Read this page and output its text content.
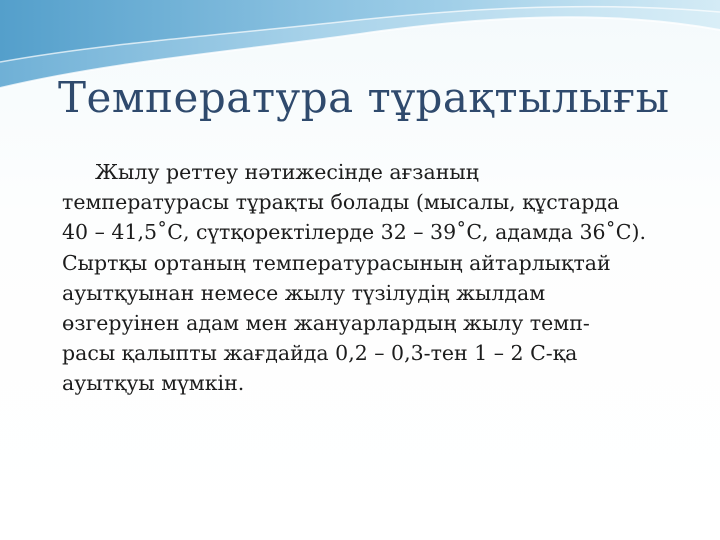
Температура тұрақтылығы

Жылу реттеу нәтижесінде ағзаның
температурасы тұрақты болады (мысалы, құстарда
40 – 41,5˚С, сүтқоректілерде 32 – 39˚С, адамда 36˚С).
Сыртқы ортаның температурасының айтарлықтай
ауытқуынан немесе жылу түзілудің жылдам
өзгеруінен адам мен жануарлардың жылу темп-
расы қалыпты жағдайда 0,2 – 0,3-тен 1 – 2 С-қа
ауытқуы мүмкін.
